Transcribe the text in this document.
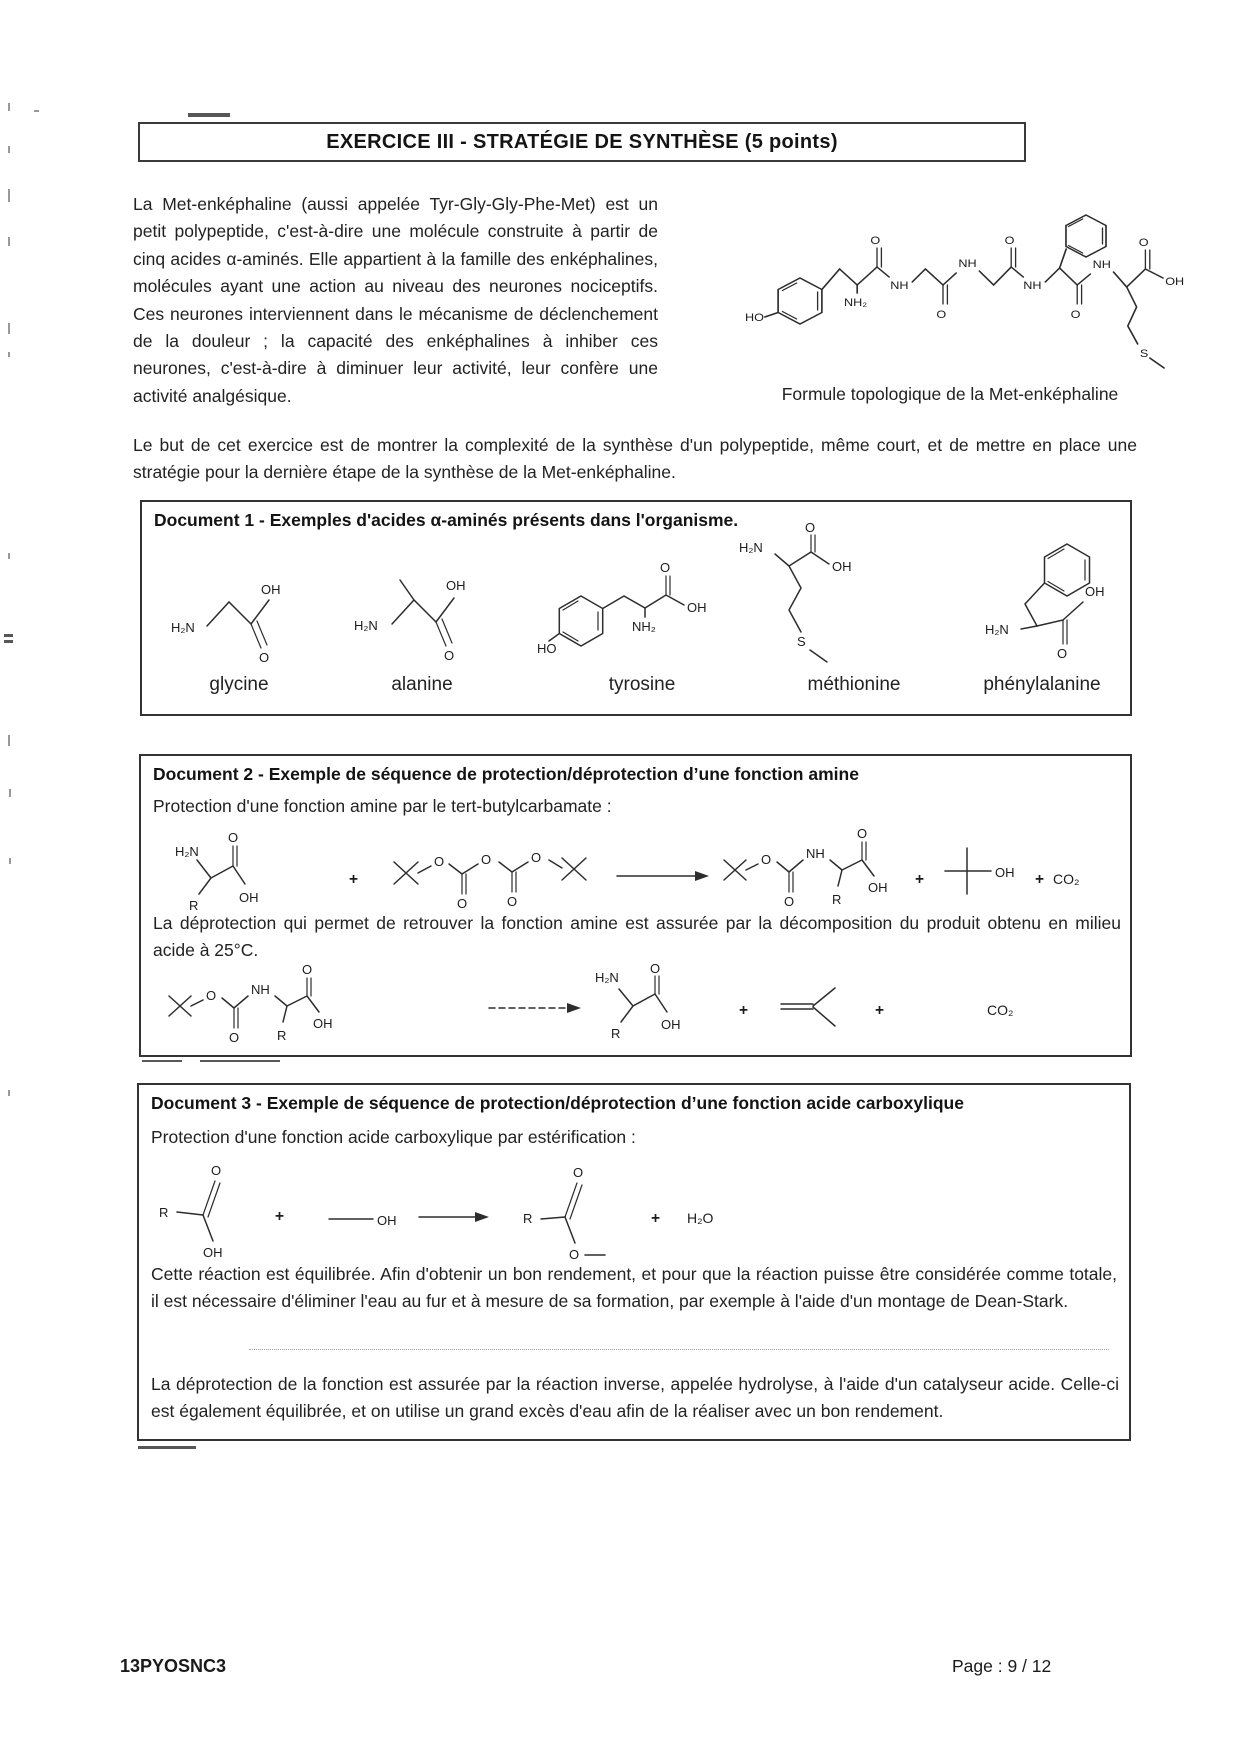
EXERCICE III - STRATÉGIE DE SYNTHÈSE (5 points)
La Met-enképhaline (aussi appelée Tyr-Gly-Gly-Phe-Met) est un petit polypeptide, c'est-à-dire une molécule construite à partir de cinq acides α-aminés. Elle appartient à la famille des enképhalines, molécules ayant une action au niveau des neurones nociceptifs. Ces neurones interviennent dans le mécanisme de déclenchement de la douleur ; la capacité des enképhalines à inhiber ces neurones, c'est-à-dire à diminuer leur activité, leur confère une activité analgésique.
HO
NH₂
O
NH
O
NH
O
NH
O
NH
S
O
OH
Formule topologique de la Met-enképhaline
Le but de cet exercice est de montrer la complexité de la synthèse d'un polypeptide, même court, et de mettre en place une stratégie pour la dernière étape de la synthèse de la Met-enképhaline.
Document 1 - Exemples d'acides α-aminés présents dans l'organisme.
H₂N
OH
O
H₂N
OH
O	HO
NH₂
O
OH
H₂N
O
OH
S
H₂N
OH
O
glycine	alanine	tyrosine	méthionine	phénylalanine
Document 2 - Exemple de séquence de protection/déprotection d’une fonction amine
Protection d'une fonction amine par le tert-butylcarbamate :
H₂N
R
O
OH
+
O
O
O
O
O	O
O
NH
R
O
OH +	OH + CO₂
La déprotection qui permet de retrouver la fonction amine est assurée par la décomposition du produit obtenu en milieu acide à 25°C.
O
O
NH
R
O
OH
H₂N
R
O
OH
+	+	CO₂
Document 3 - Exemple de séquence de protection/déprotection d’une fonction acide carboxylique
Protection d'une fonction acide carboxylique par estérification :
R
O
OH
+	OH	R
O
O
+ H₂O
Cette réaction est équilibrée. Afin d'obtenir un bon rendement, et pour que la réaction puisse être considérée comme totale, il est nécessaire d'éliminer l'eau au fur et à mesure de sa formation, par exemple à l'aide d'un montage de Dean-Stark.
La déprotection de la fonction est assurée par la réaction inverse, appelée hydrolyse, à l'aide d'un catalyseur acide. Celle-ci est également équilibrée, et on utilise un grand excès d'eau afin de la réaliser avec un bon rendement.
13PYOSNC3	Page : 9 / 12
